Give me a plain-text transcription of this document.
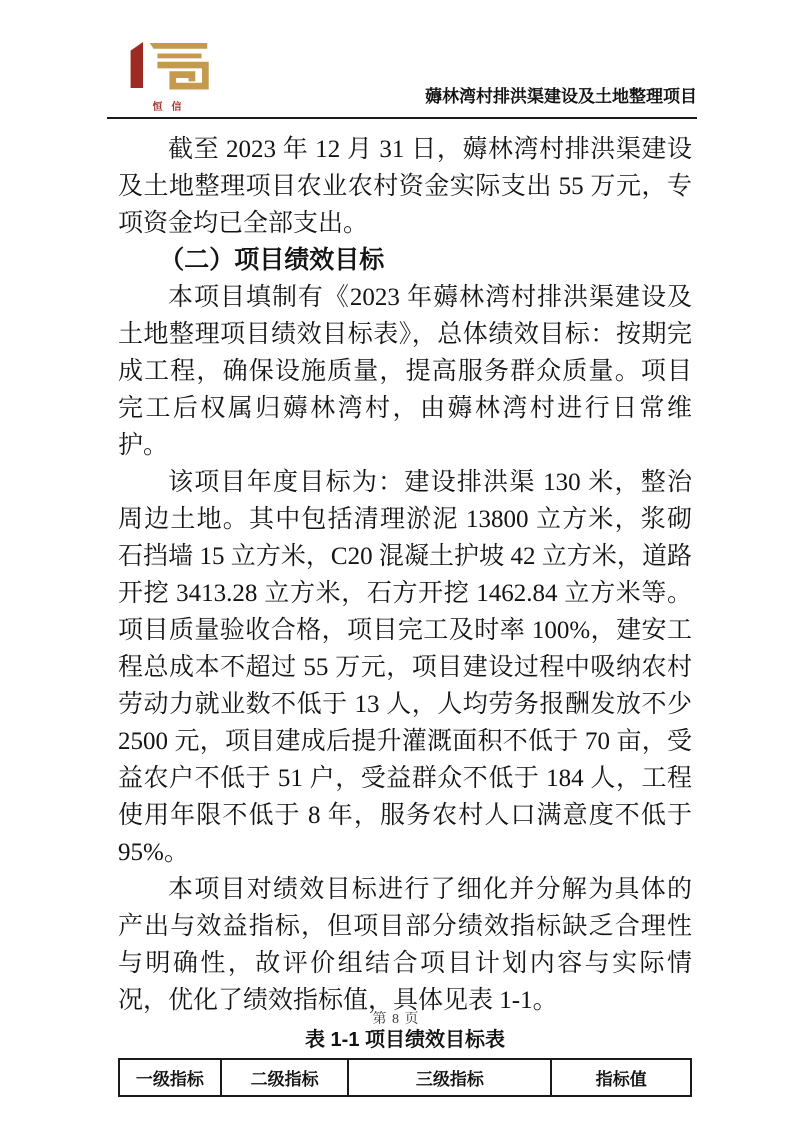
恒信
薅林湾村排洪渠建设及土地整理项目

截至 2023 年 12 月 31 日，薅林湾村排洪渠建设及土地整理项目农业农村资金实际支出 55 万元，专项资金均已全部支出。

（二）项目绩效目标

本项目填制有《2023 年薅林湾村排洪渠建设及土地整理项目绩效目标表》，总体绩效目标：按期完成工程，确保设施质量，提高服务群众质量。项目完工后权属归薅林湾村，由薅林湾村进行日常维护。

该项目年度目标为：建设排洪渠 130 米，整治周边土地。其中包括清理淤泥 13800 立方米，浆砌石挡墙 15 立方米，C20 混凝土护坡 42 立方米，道路开挖 3413.28 立方米，石方开挖 1462.84 立方米等。项目质量验收合格，项目完工及时率 100%，建安工程总成本不超过 55 万元，项目建设过程中吸纳农村劳动力就业数不低于 13 人，人均劳务报酬发放不少 2500 元，项目建成后提升灌溉面积不低于 70 亩，受益农户不低于 51 户，受益群众不低于 184 人，工程使用年限不低于 8 年，服务农村人口满意度不低于 95%。

本项目对绩效目标进行了细化并分解为具体的产出与效益指标，但项目部分绩效指标缺乏合理性与明确性，故评价组结合项目计划内容与实际情况，优化了绩效指标值，具体见表 1-1。

表 1-1 项目绩效目标表
一级指标	二级指标	三级指标	指标值
第 8 页
